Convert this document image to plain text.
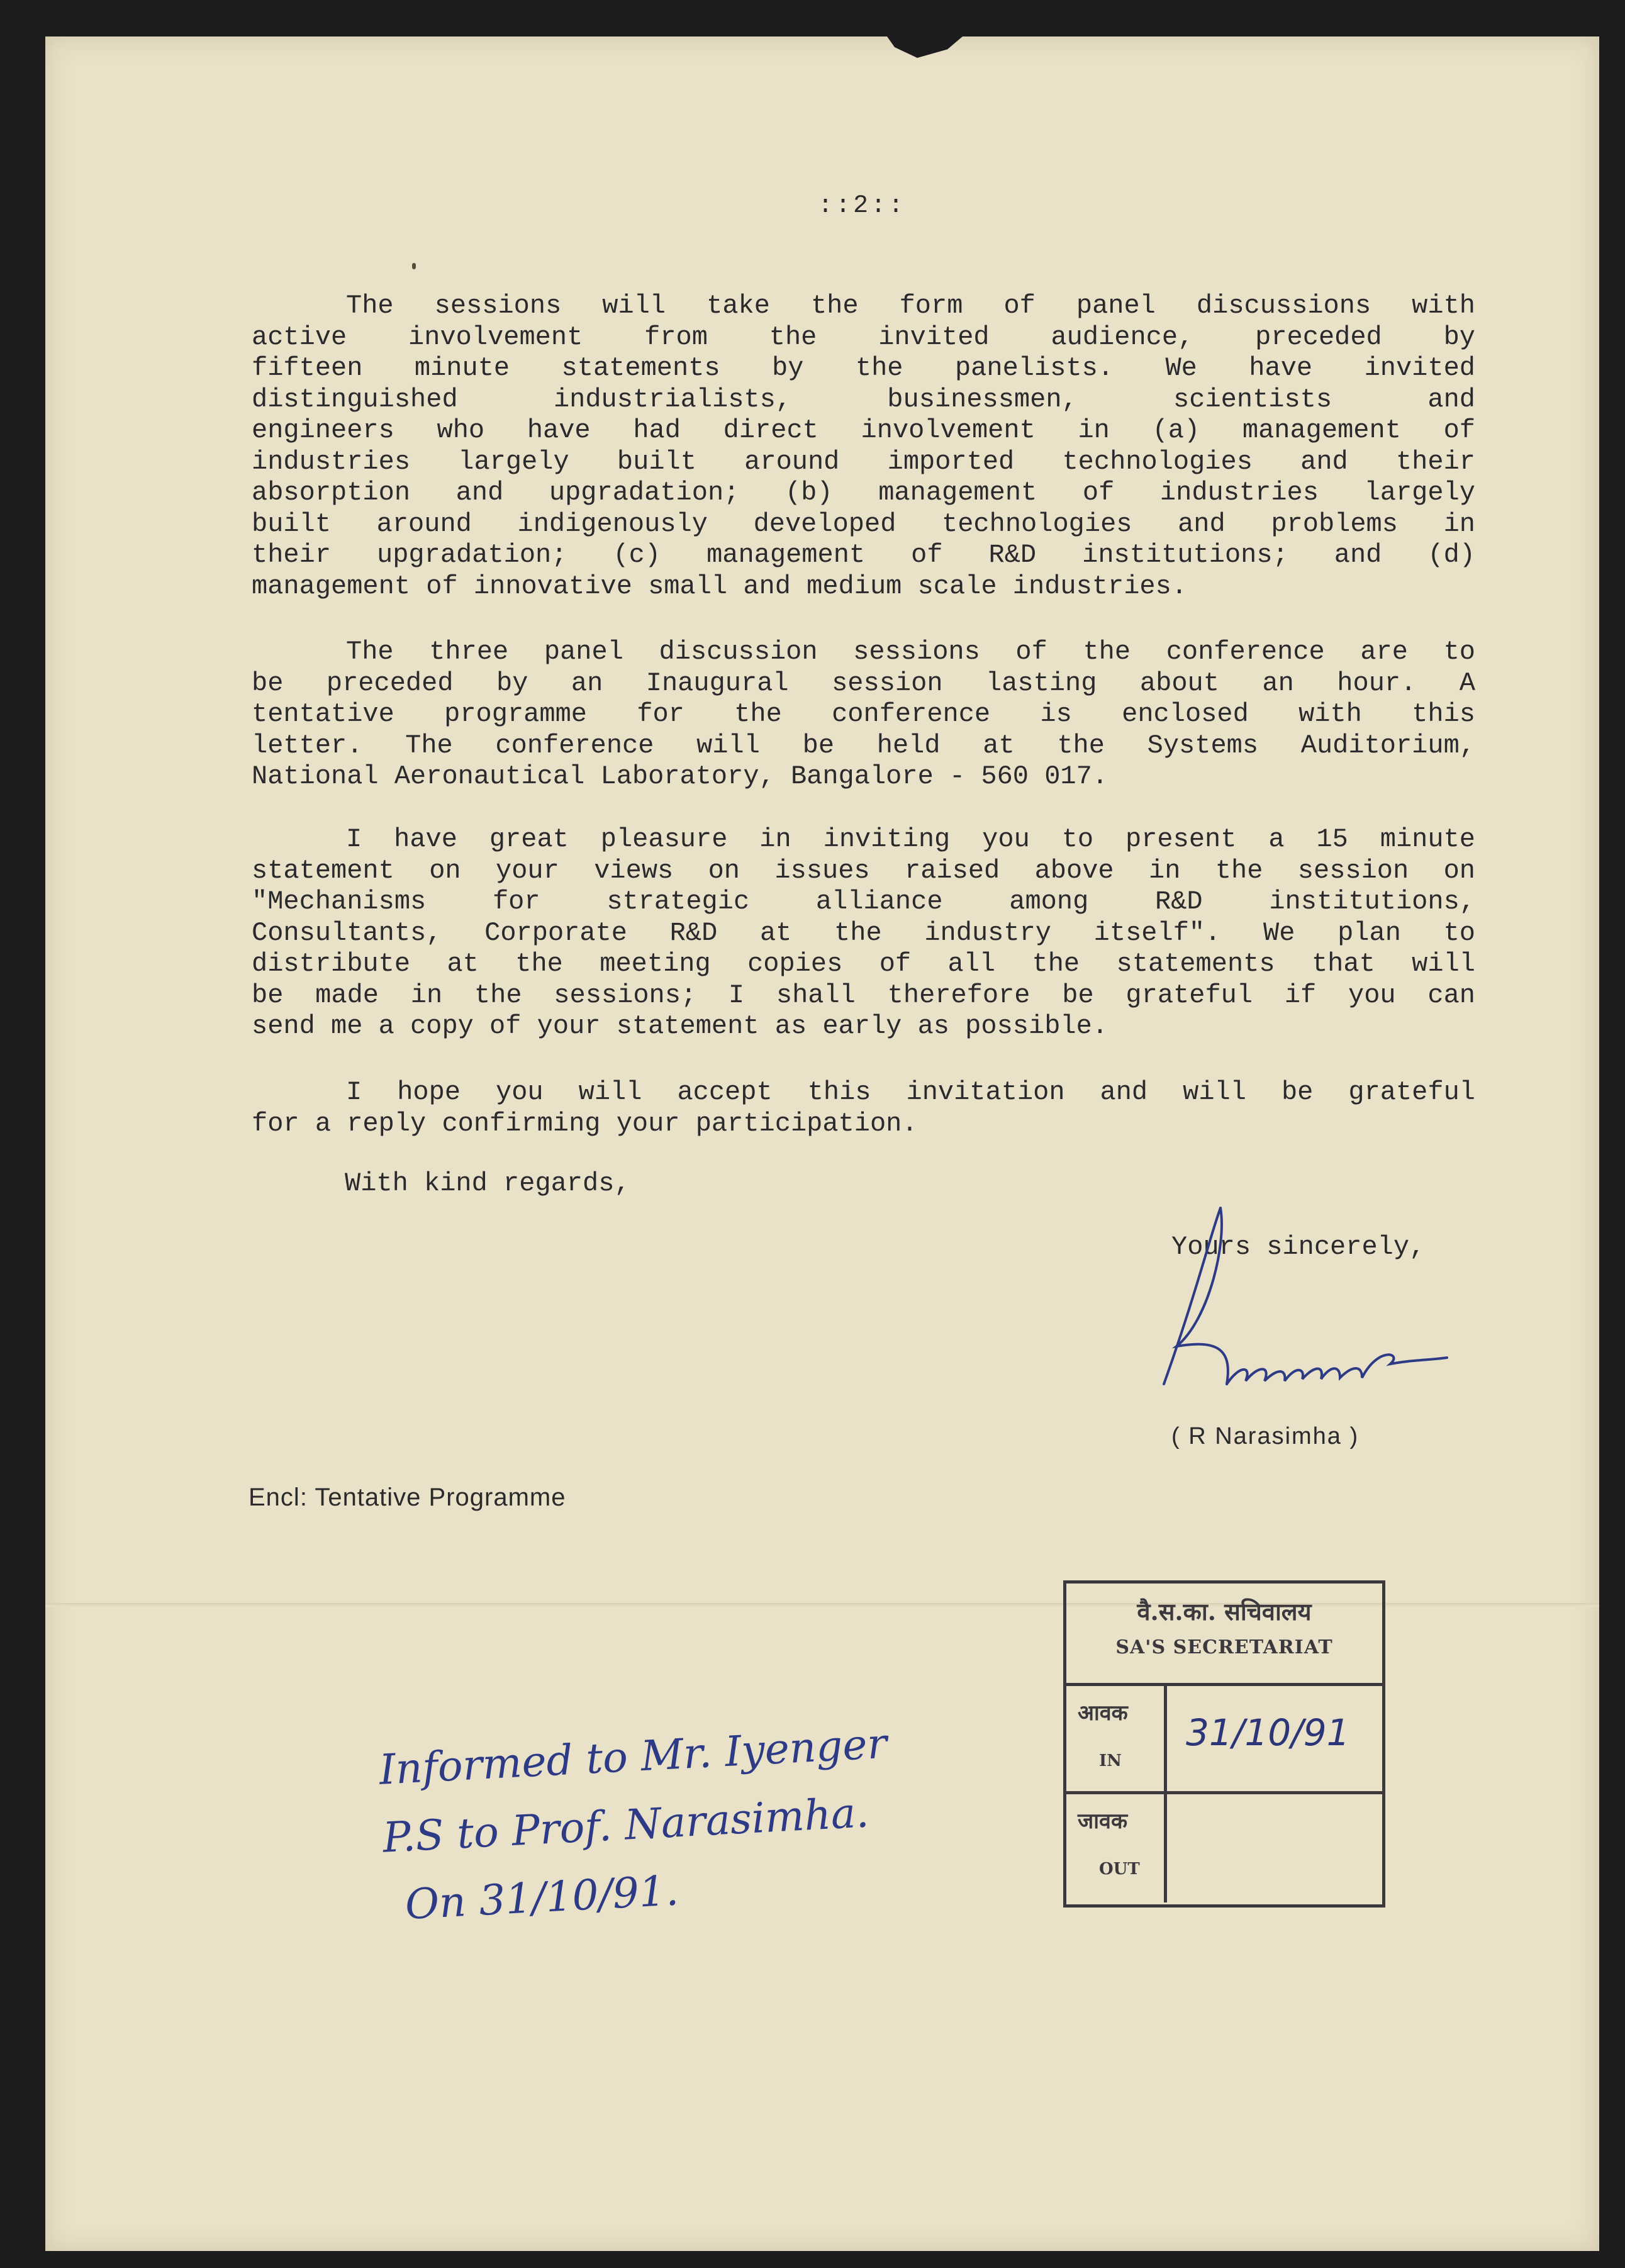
::2::
The sessions will take the form of panel discussions with
active involvement from the invited audience, preceded by
fifteen minute statements by the panelists. We have invited
distinguished industrialists, businessmen, scientists and
engineers who have had direct involvement in (a) management of
industries largely built around imported technologies and their
absorption and upgradation; (b) management of industries largely
built around indigenously developed technologies and problems in
their upgradation; (c) management of R&D institutions; and (d)
management of innovative small and medium scale industries.
The three panel discussion sessions of the conference are to
be preceded by an Inaugural session lasting about an hour. A
tentative programme for the conference is enclosed with this
letter. The conference will be held at the Systems Auditorium,
National Aeronautical Laboratory, Bangalore - 560 017.
I have great pleasure in inviting you to present a 15 minute
statement on your views on issues raised above in the session on
"Mechanisms for strategic alliance among R&D institutions,
Consultants, Corporate R&D at the industry itself". We plan to
distribute at the meeting copies of all the statements that will
be made in the sessions; I shall therefore be grateful if you can
send me a copy of your statement as early as possible.
I hope you will accept this invitation and will be grateful
for a reply confirming your participation.
With kind regards,
Yours sincerely,
( R Narasimha )
Encl: Tentative Programme
वै.स.का. सचिवालय
SA'S SECRETARIAT
आवक
IN
31/10/91
जावक
OUT
Informed to Mr. Iyenger
P.S to Prof. Narasimha.
On 31/10/91.
